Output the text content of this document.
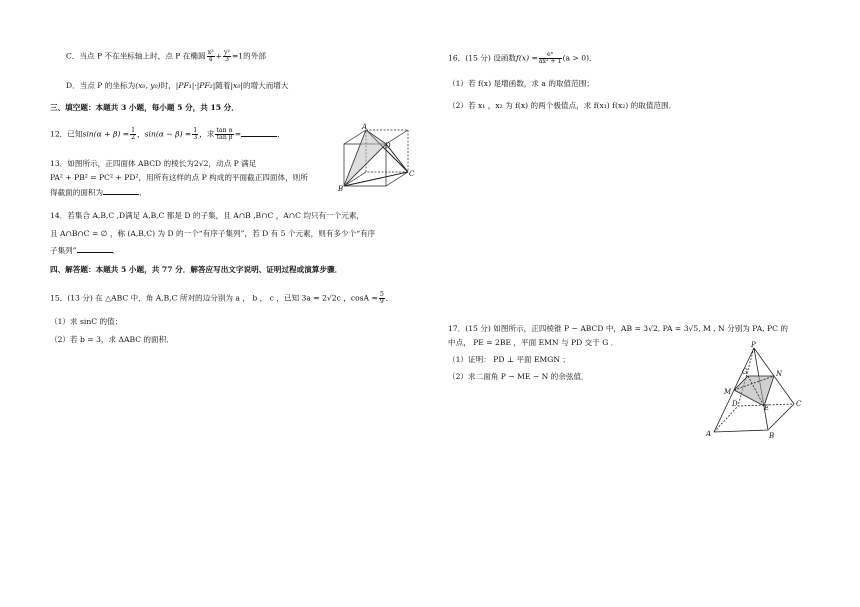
C．当点 P 不在坐标轴上时，点 P 在椭圆 $\frac{\text{x²}}{4} + \frac{\text{y²}}{3} =1$的外部
D．当点 P 的坐标为(x₀, y₀)时，|PF₁|·|PF₂|随着|x₀|的增大而增大
三、填空题：本题共 3 小题，每小题 5 分，共 15 分．
12．已知$\sin(\alpha + \beta) = \frac{1}{2}$ ，$\sin(\alpha - \beta) = \frac{1}{3}$ ，求 $\frac{\text{tan α}}{\text{tan β}}$ =	．
13．如图所示，正四面体 ABCD 的棱长为2√2，动点 P 满足
PA² + PB² = PC² + PD²，用所有这样的点 P 构成的平面截正四面体，则所
得截面的面积为	．
A
D
C
B
14．若集合 A,B,C ,D满足 A,B,C 都是 D 的子集，且 A∩B ,B∩C ，A∩C 均只有一个元素，
且 A∩B∩C = ∅ ，称 (A,B,C) 为 D 的一个“有序子集列”，若 D 有 5 个元素，则有多少个“有序
子集列”	．
四、解答题：本题共 5 小题，共 77 分．解答应写出文字说明、证明过程或演算步骤．
15．(13 分) 在 △ABC 中，角 A,B,C 所对的边分别为 a ， b ， c ，已知 3a = 2√2c ，$\cos A = \frac{5}{9}$ ．
（1）求 sinC 的值；
（2）若 b = 3，求 ΔABC 的面积．
16．(15 分) 设函数$f(x) = \frac{\text{eˣ}}{\text{ax² + 1}} (a > 0)$．
（1）若 f(x) 是增函数，求 a 的取值范围；
（2）若 x₁ ，x₂ 为 f(x) 的两个极值点，求 f(x₁) f(x₂) 的取值范围．
17．(15 分) 如图所示，正四棱锥 P − ABCD 中，AB = 3√2, PA = 3√5, M , N 分别为 PA, PC 的
中点， PE = 2BE ，平面 EMN 与 PD 交于 G ．
（1）证明： PD ⊥ 平面 EMGN ；
（2）求二面角 P − ME − N 的余弦值．
P
G	N
M
D	E	C
A	B
